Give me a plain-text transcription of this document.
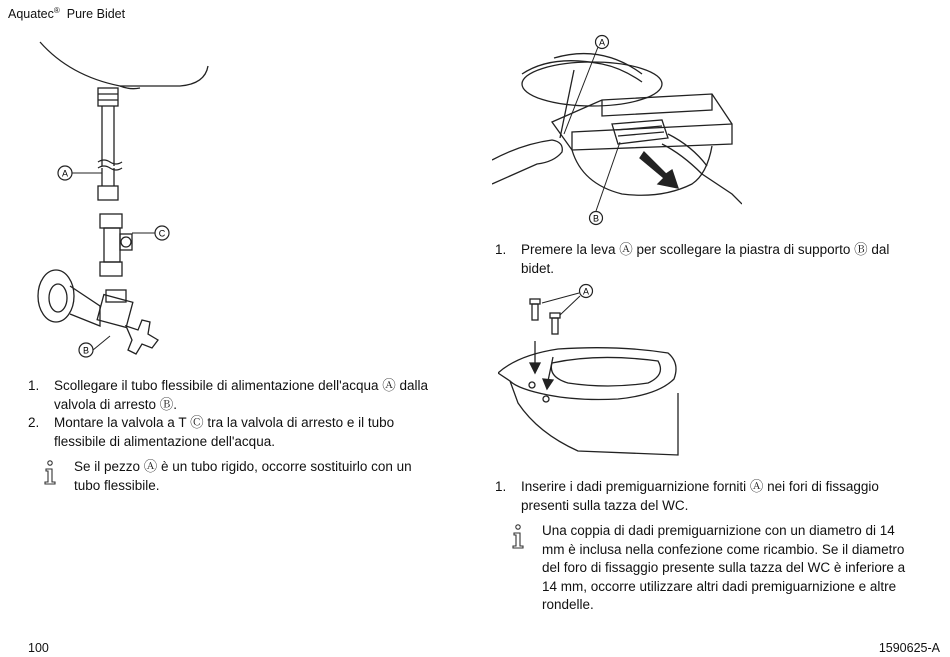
Aquatec® Pure Bidet
A
C
B
1. Scollegare il tubo flessibile di alimentazione dell'acqua Ⓐ dalla valvola di arresto Ⓑ.
2. Montare la valvola a T Ⓒ tra la valvola di arresto e il tubo flessibile di alimentazione dell'acqua.
Se il pezzo Ⓐ è un tubo rigido, occorre sostituirlo con un tubo flessibile.
A
B
1. Premere la leva Ⓐ per scollegare la piastra di supporto Ⓑ dal bidet.
A
1. Inserire i dadi premiguarnizione forniti Ⓐ nei fori di fissaggio presenti sulla tazza del WC.
Una coppia di dadi premiguarnizione con un diametro di 14 mm è inclusa nella confezione come ricambio. Se il diametro del foro di fissaggio presente sulla tazza del WC è inferiore a 14 mm, occorre utilizzare altri dadi premiguarnizione e altre rondelle.
100	1590625-A
